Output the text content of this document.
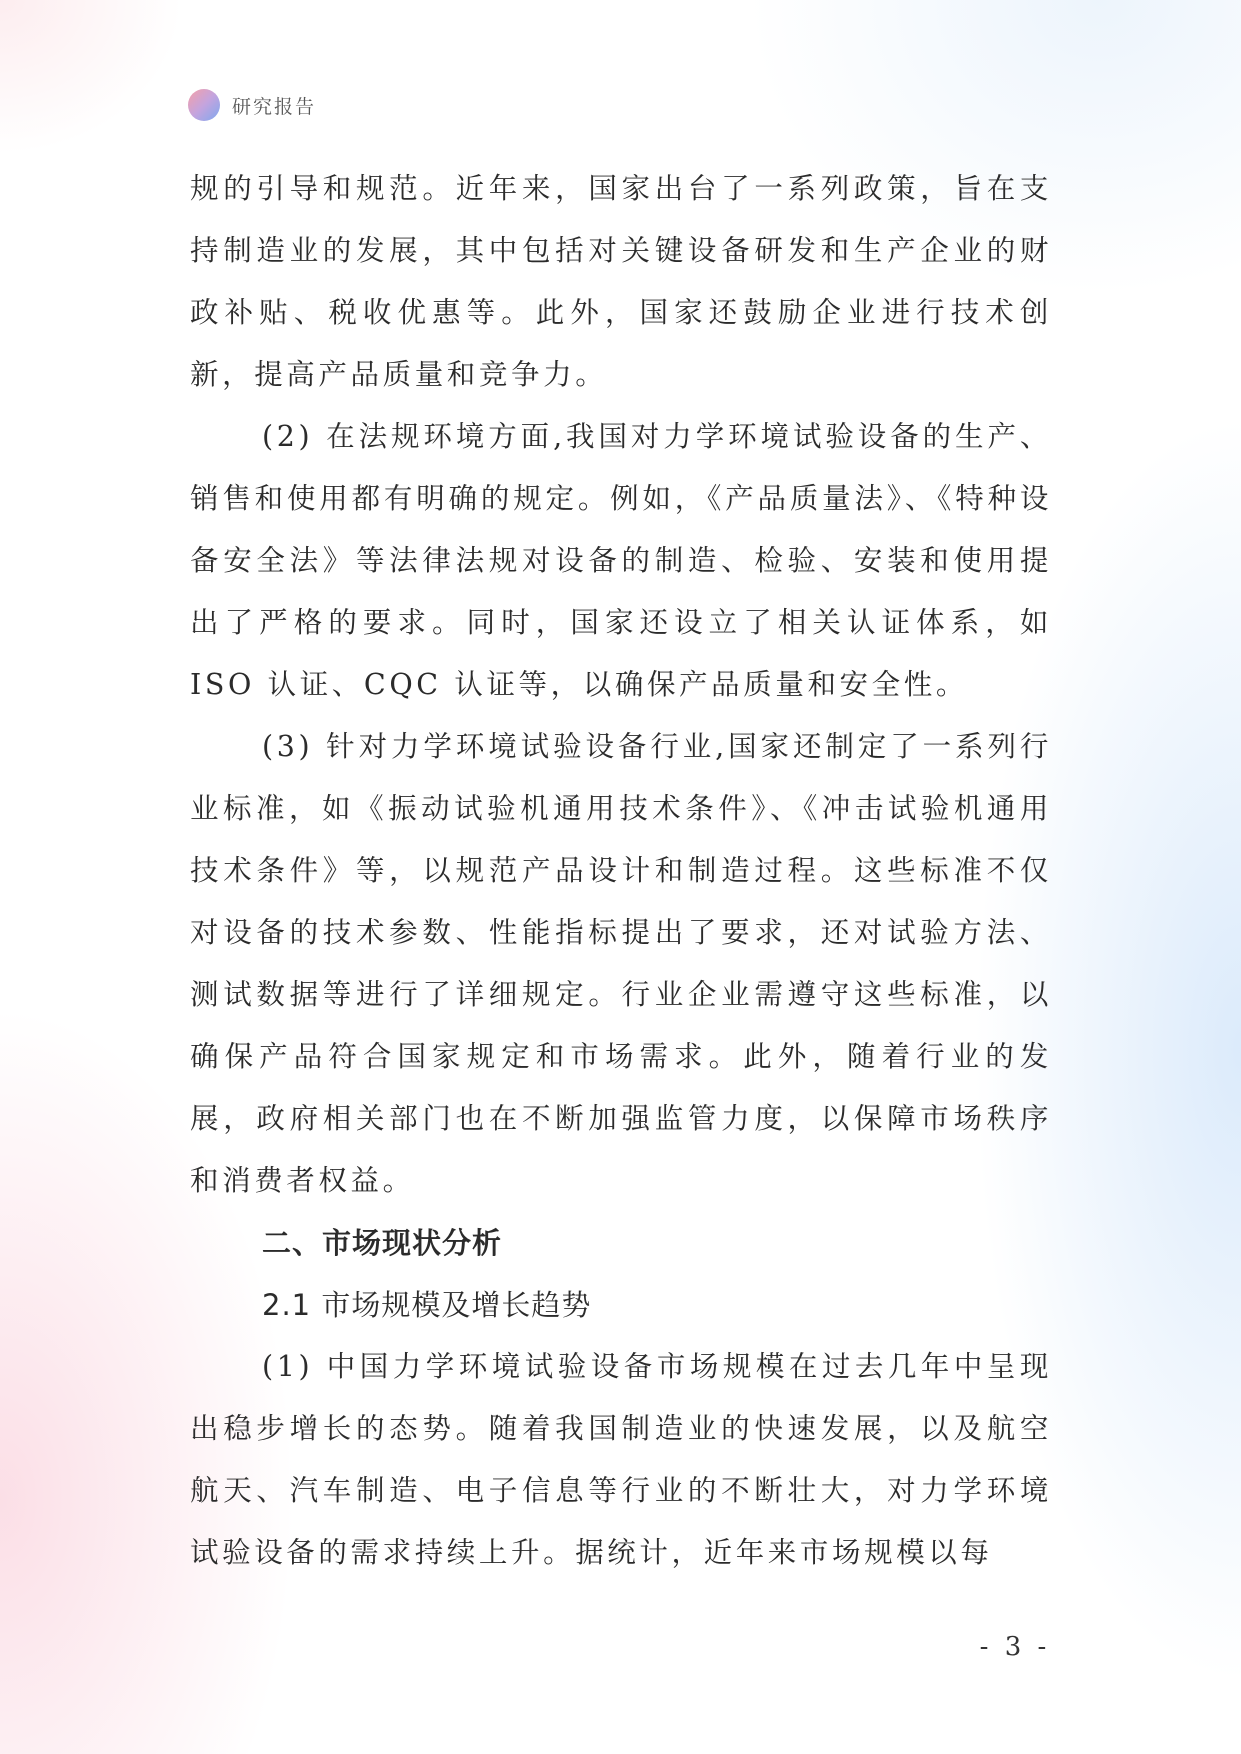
研究报告

规的引导和规范。近年来，国家出台了一系列政策，旨在支持制造业的发展，其中包括对关键设备研发和生产企业的财政补贴、税收优惠等。此外，国家还鼓励企业进行技术创新，提高产品质量和竞争力。

(2) 在法规环境方面,我国对力学环境试验设备的生产、销售和使用都有明确的规定。例如，《产品质量法》、《特种设备安全法》等法律法规对设备的制造、检验、安装和使用提出了严格的要求。同时，国家还设立了相关认证体系，如 ISO 认证、CQC 认证等，以确保产品质量和安全性。

(3) 针对力学环境试验设备行业,国家还制定了一系列行业标准，如《振动试验机通用技术条件》、《冲击试验机通用技术条件》等，以规范产品设计和制造过程。这些标准不仅对设备的技术参数、性能指标提出了要求，还对试验方法、测试数据等进行了详细规定。行业企业需遵守这些标准，以确保产品符合国家规定和市场需求。此外，随着行业的发展，政府相关部门也在不断加强监管力度，以保障市场秩序和消费者权益。

二、市场现状分析
2.1 市场规模及增长趋势

(1) 中国力学环境试验设备市场规模在过去几年中呈现出稳步增长的态势。随着我国制造业的快速发展，以及航空航天、汽车制造、电子信息等行业的不断壮大，对力学环境试验设备的需求持续上升。据统计，近年来市场规模以每

- 3 -
